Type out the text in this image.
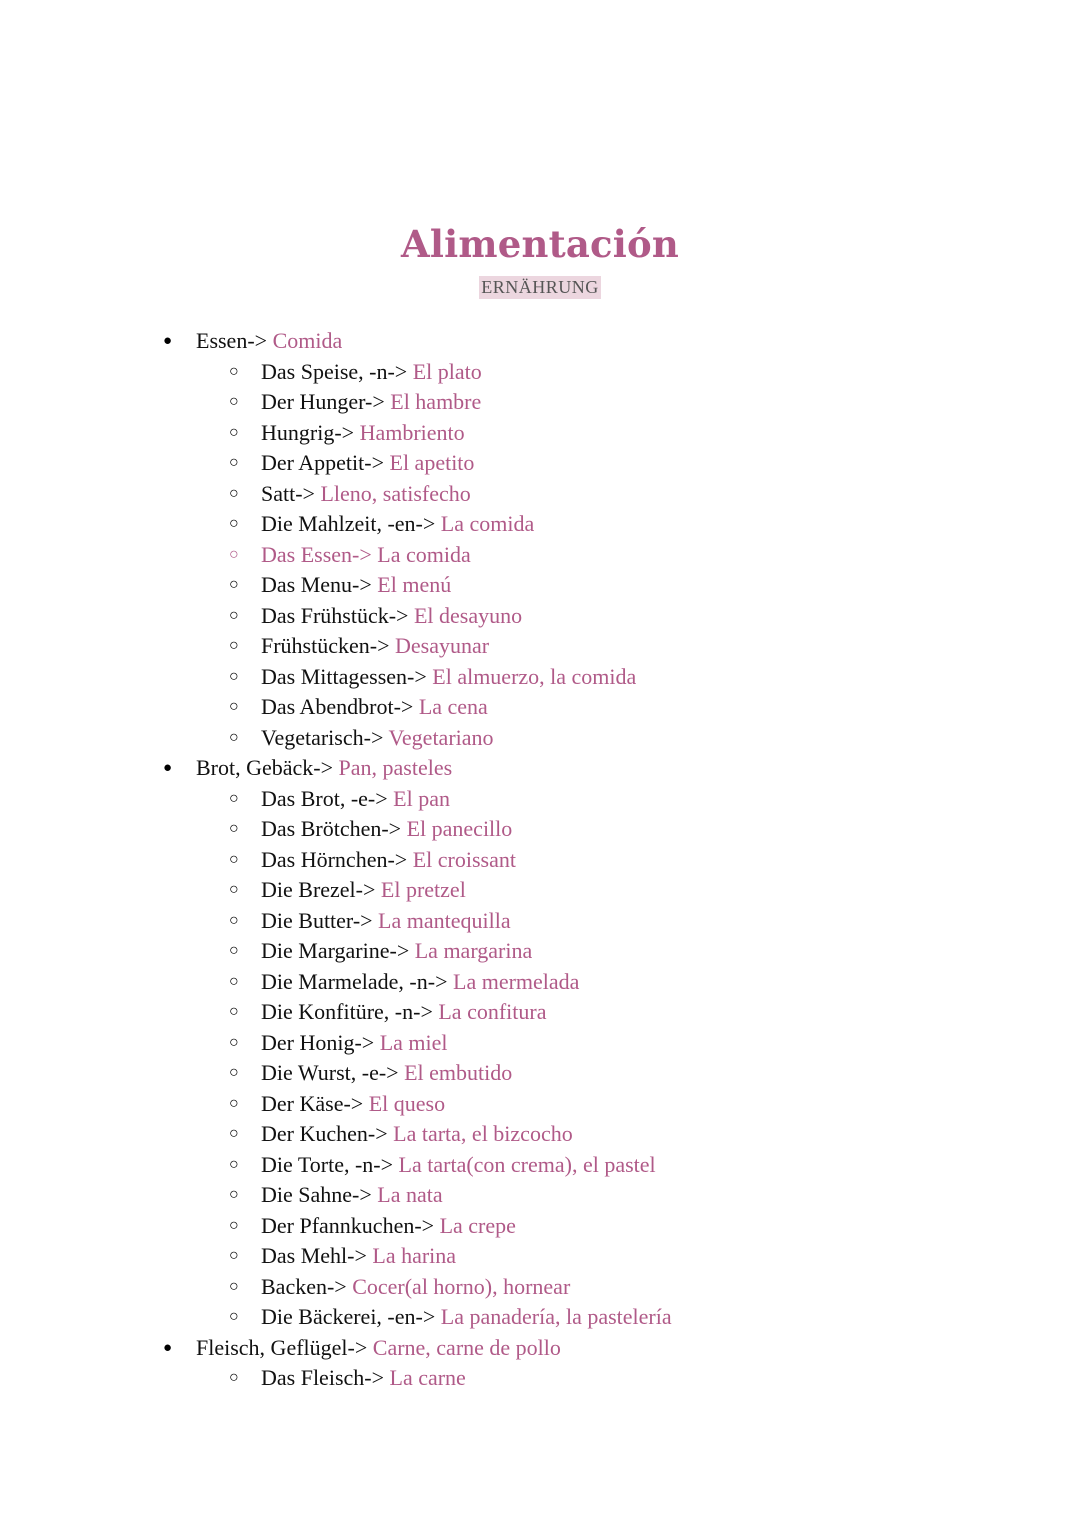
Alimentación
ERNÄHRUNG
● Essen-> Comida
○ Das Speise, -n-> El plato
○ Der Hunger-> El hambre
○ Hungrig-> Hambriento
○ Der Appetit-> El apetito
○ Satt-> Lleno, satisfecho
○ Die Mahlzeit, -en-> La comida
○ Das Essen-> La comida
○ Das Menu-> El menú
○ Das Frühstück-> El desayuno
○ Frühstücken-> Desayunar
○ Das Mittagessen-> El almuerzo, la comida
○ Das Abendbrot-> La cena
○ Vegetarisch-> Vegetariano
● Brot, Gebäck-> Pan, pasteles
○ Das Brot, -e-> El pan
○ Das Brötchen-> El panecillo
○ Das Hörnchen-> El croissant
○ Die Brezel-> El pretzel
○ Die Butter-> La mantequilla
○ Die Margarine-> La margarina
○ Die Marmelade, -n-> La mermelada
○ Die Konfitüre, -n-> La confitura
○ Der Honig-> La miel
○ Die Wurst, -e-> El embutido
○ Der Käse-> El queso
○ Der Kuchen-> La tarta, el bizcocho
○ Die Torte, -n-> La tarta(con crema), el pastel
○ Die Sahne-> La nata
○ Der Pfannkuchen-> La crepe
○ Das Mehl-> La harina
○ Backen-> Cocer(al horno), hornear
○ Die Bäckerei, -en-> La panadería, la pastelería
● Fleisch, Geflügel-> Carne, carne de pollo
○ Das Fleisch-> La carne
